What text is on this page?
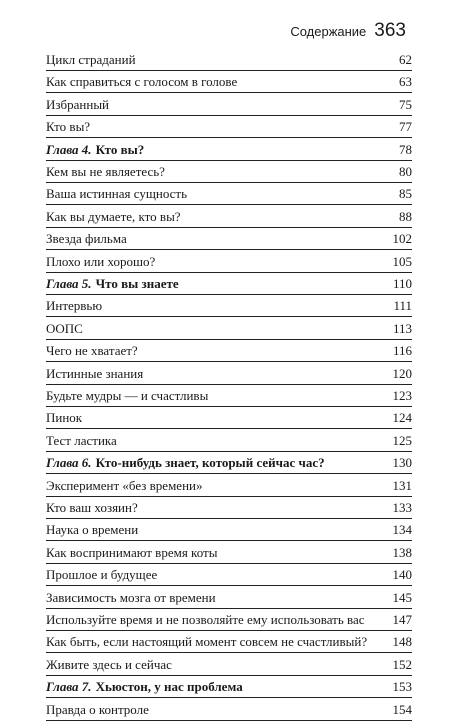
Содержание 363
Цикл страданий	62
Как справиться с голосом в голове	63
Избранный	75
Кто вы?	77
Глава 4. Кто вы?	78
Кем вы не являетесь?	80
Ваша истинная сущность	85
Как вы думаете, кто вы?	88
Звезда фильма	102
Плохо или хорошо?	105
Глава 5. Что вы знаете	110
Интервью	111
ООПС	113
Чего не хватает?	116
Истинные знания	120
Будьте мудры — и счастливы	123
Пинок	124
Тест ластика	125
Глава 6. Кто-нибудь знает, который сейчас час?	130
Эксперимент «без времени»	131
Кто ваш хозяин?	133
Наука о времени	134
Как воспринимают время коты	138
Прошлое и будущее	140
Зависимость мозга от времени	145
Используйте время и не позволяйте ему использовать вас 147
Как быть, если настоящий момент совсем не счастливый? 148
Живите здесь и сейчас	152
Глава 7. Хьюстон, у нас проблема	153
Правда о контроле	154
